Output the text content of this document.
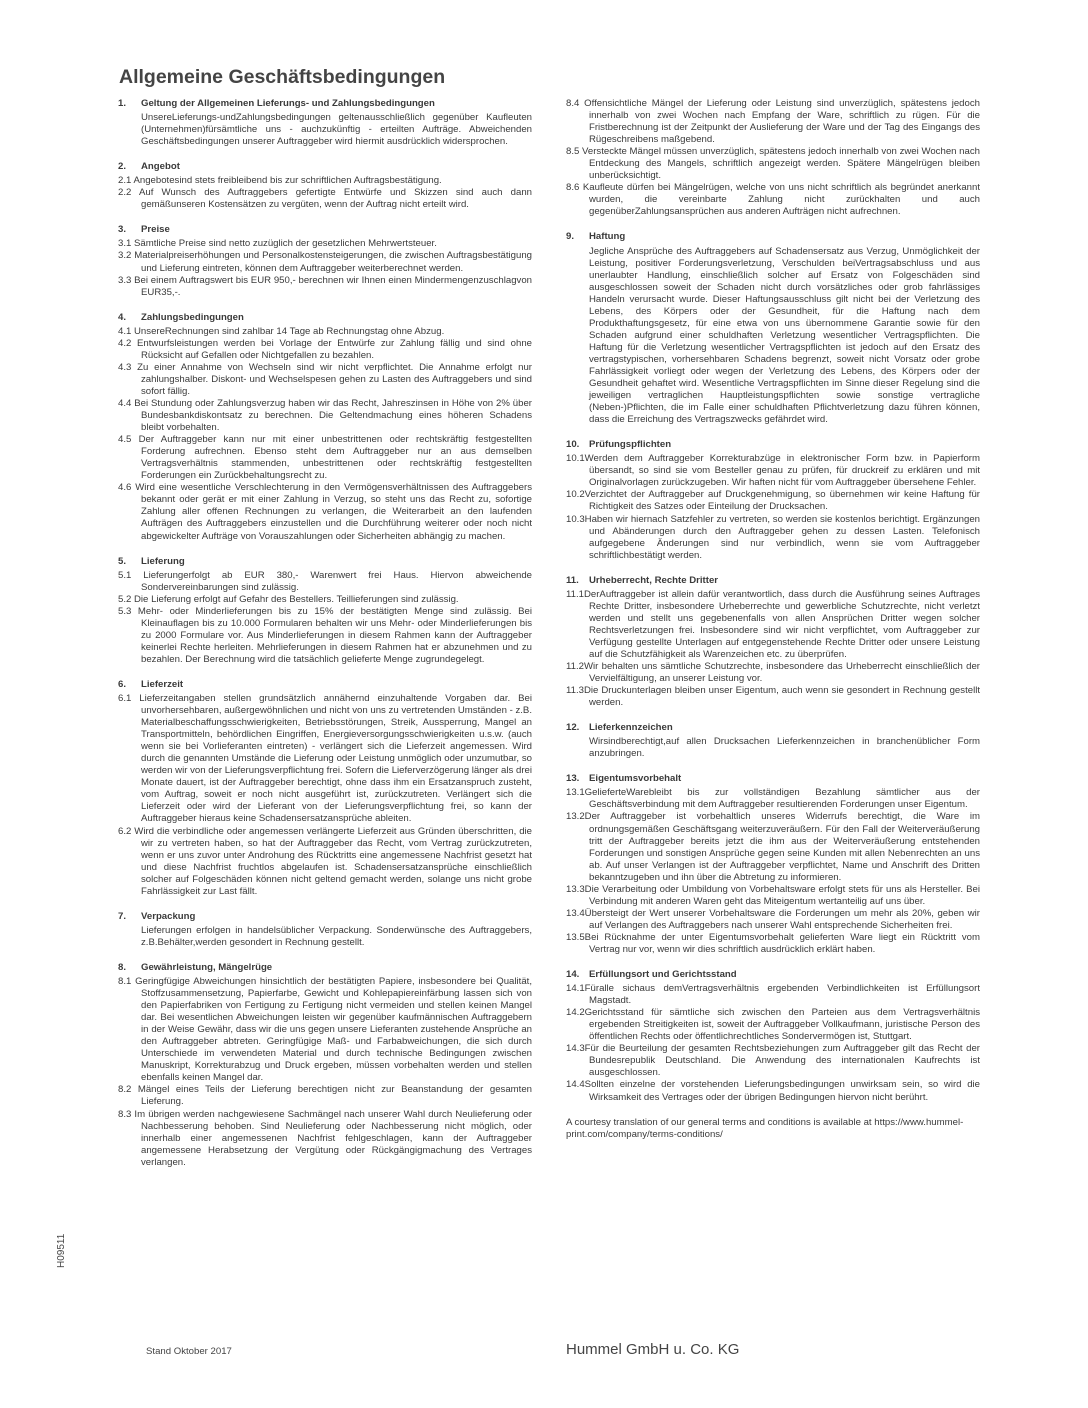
Allgemeine Geschäftsbedingungen
1.	Geltung der Allgemeinen Lieferungs- und Zahlungsbedingungen
UnsereLieferungs-undZahlungsbedingungen geltenausschließlich gegenüber Kaufleuten (Unternehmen)fürsämtliche uns - auchzukünftig - erteilten Aufträge. Abweichenden Geschäftsbedingungen unserer Auftraggeber wird hiermit ausdrücklich widersprochen.
2.	Angebot
2.1 Angebotesind stets freibleibend bis zur schriftlichen Auftragsbestätigung.
2.2 Auf Wunsch des Auftraggebers gefertigte Entwürfe und Skizzen sind auch dann gemäßunseren Kostensätzen zu vergüten, wenn der Auftrag nicht erteilt wird.
3.	Preise
3.1 Sämtliche Preise sind netto zuzüglich der gesetzlichen Mehrwertsteuer.
3.2 Materialpreiserhöhungen und Personalkostensteigerungen, die zwischen Auftragsbestätigung und Lieferung eintreten, können dem Auftraggeber weiterberechnet werden.
3.3 Bei einem Auftragswert bis EUR 950,- berechnen wir Ihnen einen Mindermengenzuschlagvon EUR35,-.
4.	Zahlungsbedingungen
4.1 UnsereRechnungen sind zahlbar 14 Tage ab Rechnungstag ohne Abzug.
4.2 Entwurfsleistungen werden bei Vorlage der Entwürfe zur Zahlung fällig und sind ohne Rücksicht auf Gefallen oder Nichtgefallen zu bezahlen.
4.3 Zu einer Annahme von Wechseln sind wir nicht verpflichtet. Die Annahme erfolgt nur zahlungshalber. Diskont- und Wechselspesen gehen zu Lasten des Auftraggebers und sind sofort fällig.
4.4 Bei Stundung oder Zahlungsverzug haben wir das Recht, Jahreszinsen in Höhe von 2% über Bundesbankdiskontsatz zu berechnen. Die Geltendmachung eines höheren Schadens bleibt vorbehalten.
4.5 Der Auftraggeber kann nur mit einer unbestrittenen oder rechtskräftig festgestellten Forderung aufrechnen. Ebenso steht dem Auftraggeber nur an aus demselben Vertragsverhältnis stammenden, unbestrittenen oder rechtskräftig festgestellten Forderungen ein Zurückbehaltungsrecht zu.
4.6 Wird eine wesentliche Verschlechterung in den Vermögensverhältnissen des Auftraggebers bekannt oder gerät er mit einer Zahlung in Verzug, so steht uns das Recht zu, sofortige Zahlung aller offenen Rechnungen zu verlangen, die Weiterarbeit an den laufenden Aufträgen des Auftraggebers einzustellen und die Durchführung weiterer oder noch nicht abgewickelter Aufträge von Vorauszahlungen oder Sicherheiten abhängig zu machen.
5.	Lieferung
5.1 Lieferungerfolgt ab EUR 380,- Warenwert frei Haus. Hiervon abweichende Sondervereinbarungen sind zulässig.
5.2 Die Lieferung erfolgt auf Gefahr des Bestellers. Teillieferungen sind zulässig.
5.3 Mehr- oder Minderlieferungen bis zu 15% der bestätigten Menge sind zulässig. Bei Kleinauflagen bis zu 10.000 Formularen behalten wir uns Mehr- oder Minderlieferungen bis zu 2000 Formulare vor. Aus Minderlieferungen in diesem Rahmen kann der Auftraggeber keinerlei Rechte herleiten. Mehrlieferungen in diesem Rahmen hat er abzunehmen und zu bezahlen. Der Berechnung wird die tatsächlich gelieferte Menge zugrundegelegt.
6.	Lieferzeit
6.1 Lieferzeitangaben stellen grundsätzlich annähernd einzuhaltende Vorgaben dar. Bei unvorhersehbaren, außergewöhnlichen und nicht von uns zu vertretenden Umständen - z.B. Materialbeschaffungsschwierigkeiten, Betriebsstörungen, Streik, Aussperrung, Mangel an Transportmitteln, behördlichen Eingriffen, Energieversorgungsschwierigkeiten u.s.w. (auch wenn sie bei Vorlieferanten eintreten) - verlängert sich die Lieferzeit angemessen. Wird durch die genannten Umstände die Lieferung oder Leistung unmöglich oder unzumutbar, so werden wir von der Lieferungsverpflichtung frei. Sofern die Lieferverzögerung länger als drei Monate dauert, ist der Auftraggeber berechtigt, ohne dass ihm ein Ersatzanspruch zusteht, vom Auftrag, soweit er noch nicht ausgeführt ist, zurückzutreten. Verlängert sich die Lieferzeit oder wird der Lieferant von der Lieferungsverpflichtung frei, so kann der Auftraggeber hieraus keine Schadensersatzansprüche ableiten.
6.2 Wird die verbindliche oder angemessen verlängerte Lieferzeit aus Gründen überschritten, die wir zu vertreten haben, so hat der Auftraggeber das Recht, vom Vertrag zurückzutreten, wenn er uns zuvor unter Androhung des Rücktritts eine angemessene Nachfrist gesetzt hat und diese Nachfrist fruchtlos abgelaufen ist. Schadensersatzansprüche einschließlich solcher auf Folgeschäden können nicht geltend gemacht werden, solange uns nicht grobe Fahrlässigkeit zur Last fällt.
7.	Verpackung
Lieferungen erfolgen in handelsüblicher Verpackung. Sonderwünsche des Auftraggebers, z.B.Behälter,werden gesondert in Rechnung gestellt.
8.	Gewährleistung, Mängelrüge
8.1 Geringfügige Abweichungen hinsichtlich der bestätigten Papiere, insbesondere bei Qualität, Stoffzusammensetzung, Papierfarbe, Gewicht und Kohlepapiereinfärbung lassen sich von den Papierfabriken von Fertigung zu Fertigung nicht vermeiden und stellen keinen Mangel dar. Bei wesentlichen Abweichungen leisten wir gegenüber kaufmännischen Auftraggebern in der Weise Gewähr, dass wir die uns gegen unsere Lieferanten zustehende Ansprüche an den Auftraggeber abtreten. Geringfügige Maß- und Farbabweichungen, die sich durch Unterschiede im verwendeten Material und durch technische Bedingungen zwischen Manuskript, Korrekturabzug und Druck ergeben, müssen vorbehalten werden und stellen ebenfalls keinen Mangel dar.
8.2 Mängel eines Teils der Lieferung berechtigen nicht zur Beanstandung der gesamten Lieferung.
8.3 Im übrigen werden nachgewiesene Sachmängel nach unserer Wahl durch Neulieferung oder Nachbesserung behoben. Sind Neulieferung oder Nachbesserung nicht möglich, oder innerhalb einer angemessenen Nachfrist fehlgeschlagen, kann der Auftraggeber angemessene Herabsetzung der Vergütung oder Rückgängigmachung des Vertrages verlangen.
8.4 Offensichtliche Mängel der Lieferung oder Leistung sind unverzüglich, spätestens jedoch innerhalb von zwei Wochen nach Empfang der Ware, schriftlich zu rügen. Für die Fristberechnung ist der Zeitpunkt der Auslieferung der Ware und der Tag des Eingangs des Rügeschreibens maßgebend.
8.5 Versteckte Mängel müssen unverzüglich, spätestens jedoch innerhalb von zwei Wochen nach Entdeckung des Mangels, schriftlich angezeigt werden. Spätere Mängelrügen bleiben unberücksichtigt.
8.6 Kaufleute dürfen bei Mängelrügen, welche von uns nicht schriftlich als begründet anerkannt wurden, die vereinbarte Zahlung nicht zurückhalten und auch gegenüberZahlungsansprüchen aus anderen Aufträgen nicht aufrechnen.
9.	Haftung
Jegliche Ansprüche des Auftraggebers auf Schadensersatz aus Verzug, Unmöglichkeit der Leistung, positiver Forderungsverletzung, Verschulden beiVertragsabschluss und aus unerlaubter Handlung, einschließlich solcher auf Ersatz von Folgeschäden sind ausgeschlossen soweit der Schaden nicht durch vorsätzliches oder grob fahrlässiges Handeln verursacht wurde. Dieser Haftungsausschluss gilt nicht bei der Verletzung des Lebens, des Körpers oder der Gesundheit, für die Haftung nach dem Produkthaftungsgesetz, für eine etwa von uns übernommene Garantie sowie für den Schaden aufgrund einer schuldhaften Verletzung wesentlicher Vertragspflichten. Die Haftung für die Verletzung wesentlicher Vertragspflichten ist jedoch auf den Ersatz des vertragstypischen, vorhersehbaren Schadens begrenzt, soweit nicht Vorsatz oder grobe Fahrlässigkeit vorliegt oder wegen der Verletzung des Lebens, des Körpers oder der Gesundheit gehaftet wird. Wesentliche Vertragspflichten im Sinne dieser Regelung sind die jeweiligen vertraglichen Hauptleistungspflichten sowie sonstige vertragliche (Neben-)Pflichten, die im Falle einer schuldhaften Pflichtverletzung dazu führen können, dass die Erreichung des Vertragszwecks gefährdet wird.
10.	Prüfungspflichten
10.1Werden dem Auftraggeber Korrekturabzüge in elektronischer Form bzw. in Papierform übersandt, so sind sie vom Besteller genau zu prüfen, für druckreif zu erklären und mit Originalvorlagen zurückzugeben. Wir haften nicht für vom Auftraggeber übersehene Fehler.
10.2Verzichtet der Auftraggeber auf Druckgenehmigung, so übernehmen wir keine Haftung für Richtigkeit des Satzes oder Einteilung der Drucksachen.
10.3Haben wir hiernach Satzfehler zu vertreten, so werden sie kostenlos berichtigt. Ergänzungen und Abänderungen durch den Auftraggeber gehen zu dessen Lasten. Telefonisch aufgegebene Änderungen sind nur verbindlich, wenn sie vom Auftraggeber schriftlichbestätigt werden.
11.	Urheberrecht, Rechte Dritter
11.1DerAuftraggeber ist allein dafür verantwortlich, dass durch die Ausführung seines Auftrages Rechte Dritter, insbesondere Urheberrechte und gewerbliche Schutzrechte, nicht verletzt werden und stellt uns gegebenenfalls von allen Ansprüchen Dritter wegen solcher Rechtsverletzungen frei. Insbesondere sind wir nicht verpflichtet, vom Auftraggeber zur Verfügung gestellte Unterlagen auf entgegenstehende Rechte Dritter oder unsere Leistung auf die Schutzfähigkeit als Warenzeichen etc. zu überprüfen.
11.2Wir behalten uns sämtliche Schutzrechte, insbesondere das Urheberrecht einschließlich der Vervielfältigung, an unserer Leistung vor.
11.3Die Druckunterlagen bleiben unser Eigentum, auch wenn sie gesondert in Rechnung gestellt werden.
12.	Lieferkennzeichen
Wirsindberechtigt,auf allen Drucksachen Lieferkennzeichen in branchenüblicher Form anzubringen.
13.	Eigentumsvorbehalt
13.1GelieferteWarebleibt bis zur vollständigen Bezahlung sämtlicher aus der Geschäftsverbindung mit dem Auftraggeber resultierenden Forderungen unser Eigentum.
13.2Der Auftraggeber ist vorbehaltlich unseres Widerrufs berechtigt, die Ware im ordnungsgemäßen Geschäftsgang weiterzuveräußern. Für den Fall der Weiterveräußerung tritt der Auftraggeber bereits jetzt die ihm aus der Weiterveräußerung entstehenden Forderungen und sonstigen Ansprüche gegen seine Kunden mit allen Nebenrechten an uns ab. Auf unser Verlangen ist der Auftraggeber verpflichtet, Name und Anschrift des Dritten bekanntzugeben und ihn über die Abtretung zu informieren.
13.3Die Verarbeitung oder Umbildung von Vorbehaltsware erfolgt stets für uns als Hersteller. Bei Verbindung mit anderen Waren geht das Miteigentum wertanteilig auf uns über.
13.4Übersteigt der Wert unserer Vorbehaltsware die Forderungen um mehr als 20%, geben wir auf Verlangen des Auftraggebers nach unserer Wahl entsprechende Sicherheiten frei.
13.5Bei Rücknahme der unter Eigentumsvorbehalt gelieferten Ware liegt ein Rücktritt vom Vertrag nur vor, wenn wir dies schriftlich ausdrücklich erklärt haben.
14.	Erfüllungsort und Gerichtsstand
14.1Füralle sichaus demVertragsverhältnis ergebenden Verbindlichkeiten ist Erfüllungsort Magstadt.
14.2Gerichtsstand für sämtliche sich zwischen den Parteien aus dem Vertragsverhältnis ergebenden Streitigkeiten ist, soweit der Auftraggeber Vollkaufmann, juristische Person des öffentlichen Rechts oder öffentlichrechtliches Sondervermögen ist, Stuttgart.
14.3Für die Beurteilung der gesamten Rechtsbeziehungen zum Auftraggeber gilt das Recht der Bundesrepublik Deutschland. Die Anwendung des internationalen Kaufrechts ist ausgeschlossen.
14.4Sollten einzelne der vorstehenden Lieferungsbedingungen unwirksam sein, so wird die Wirksamkeit des Vertrages oder der übrigen Bedingungen hiervon nicht berührt.
A courtesy translation of our general terms and conditions is available at https://www.hummel-print.com/company/terms-conditions/
H09511
Stand Oktober 2017	Hummel GmbH u. Co. KG
